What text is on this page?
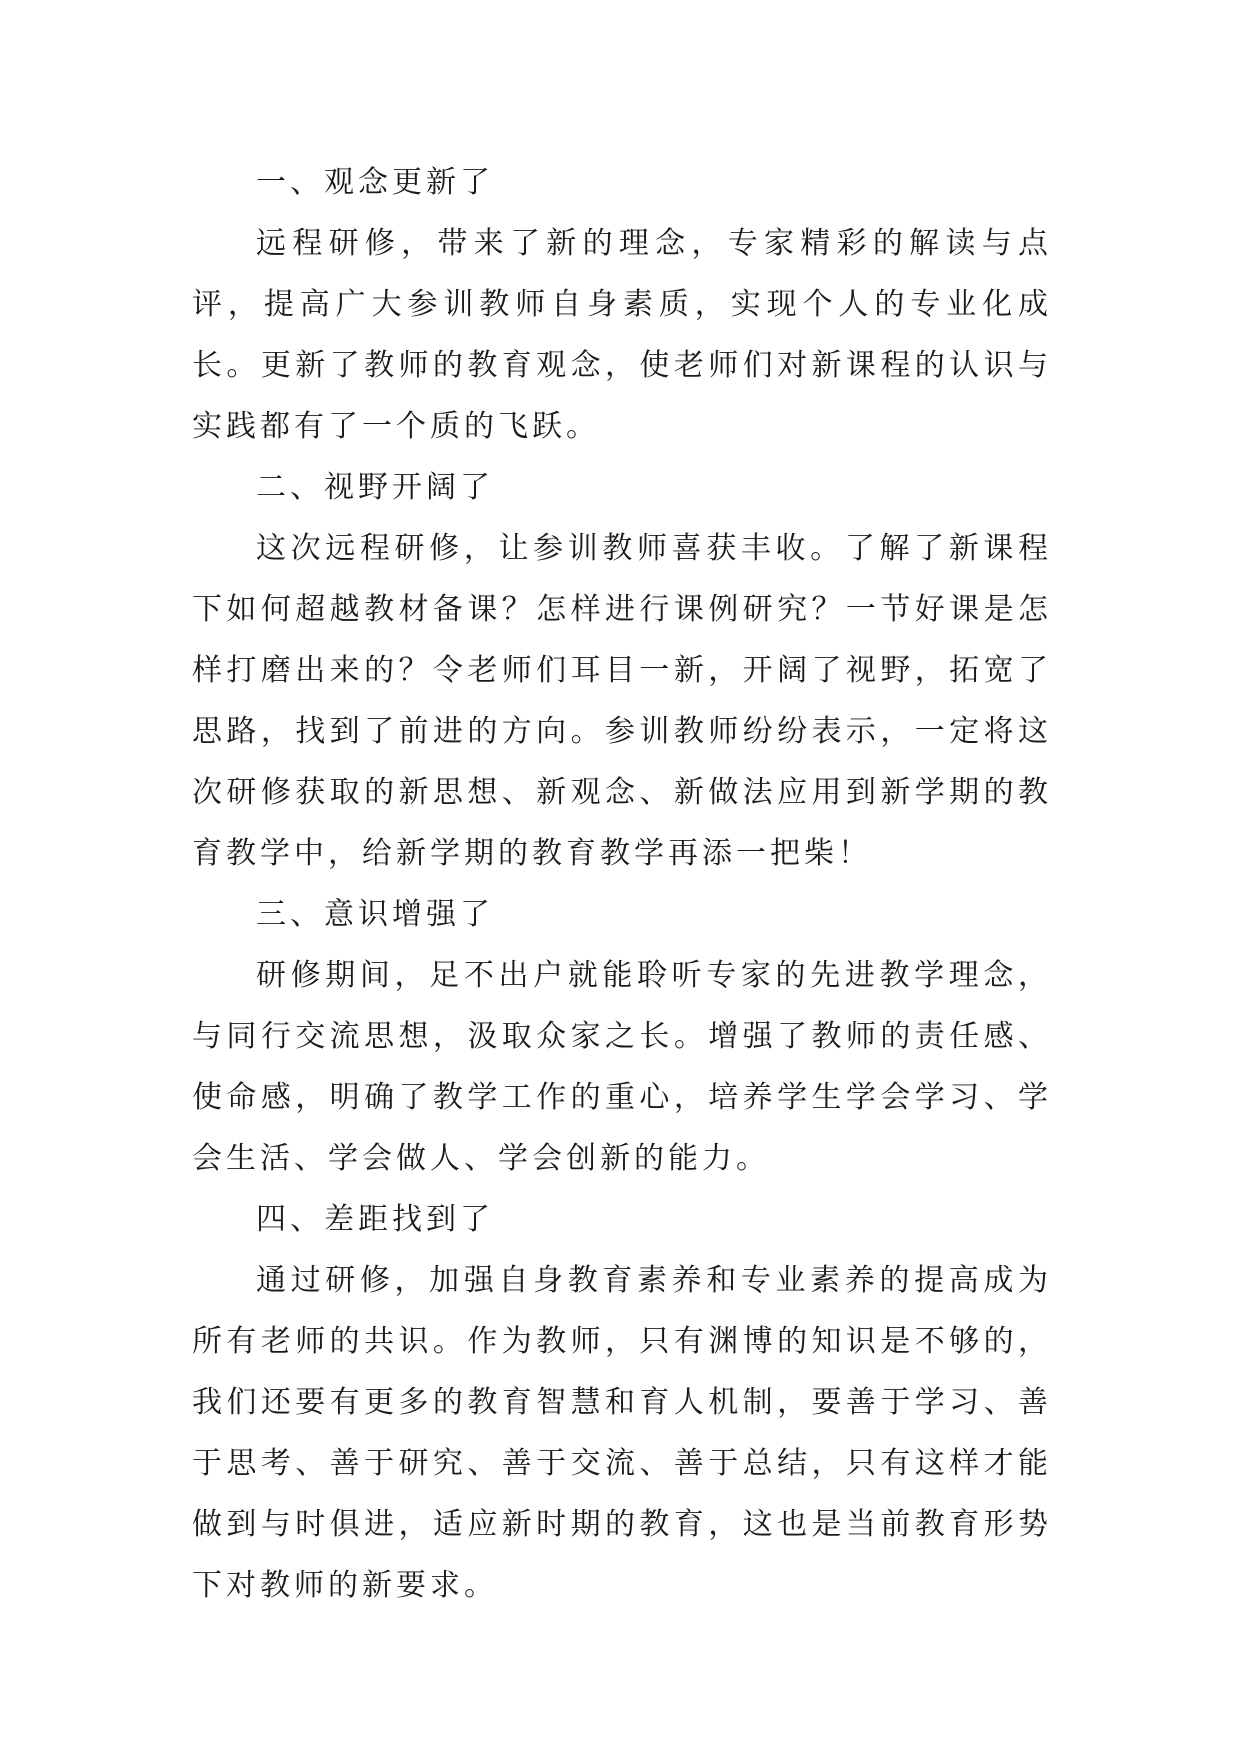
一、观念更新了

远程研修，带来了新的理念，专家精彩的解读与点评，提高广大参训教师自身素质，实现个人的专业化成长。更新了教师的教育观念，使老师们对新课程的认识与实践都有了一个质的飞跃。

二、视野开阔了

这次远程研修，让参训教师喜获丰收。了解了新课程下如何超越教材备课？怎样进行课例研究？一节好课是怎样打磨出来的？令老师们耳目一新，开阔了视野，拓宽了思路，找到了前进的方向。参训教师纷纷表示，一定将这次研修获取的新思想、新观念、新做法应用到新学期的教育教学中，给新学期的教育教学再添一把柴！

三、意识增强了

研修期间，足不出户就能聆听专家的先进教学理念，与同行交流思想，汲取众家之长。增强了教师的责任感、使命感，明确了教学工作的重心，培养学生学会学习、学会生活、学会做人、学会创新的能力。

四、差距找到了

通过研修，加强自身教育素养和专业素养的提高成为所有老师的共识。作为教师，只有渊博的知识是不够的，我们还要有更多的教育智慧和育人机制，要善于学习、善于思考、善于研究、善于交流、善于总结，只有这样才能做到与时俱进，适应新时期的教育，这也是当前教育形势下对教师的新要求。
